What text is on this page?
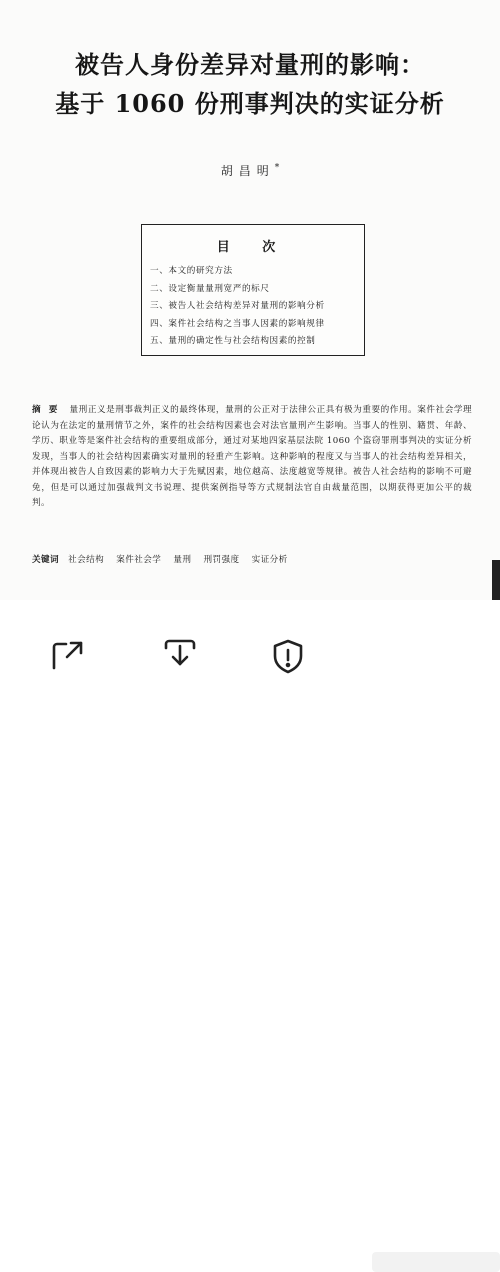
被告人身份差异对量刑的影响：
基于 1060 份刑事判决的实证分析
胡昌明*
目 次
一、本文的研究方法
二、设定衡量量刑宽严的标尺
三、被告人社会结构差异对量刑的影响分析
四、案件社会结构之当事人因素的影响规律
五、量刑的确定性与社会结构因素的控制
摘要 量刑正义是刑事裁判正义的最终体现，量刑的公正对于法律公正具有极为重要的作用。案件社会学理论认为在法定的量刑情节之外，案件的社会结构因素也会对法官量刑产生影响。当事人的性别、籍贯、年龄、学历、职业等是案件社会结构的重要组成部分，通过对某地四家基层法院 1060 个盗窃罪刑事判决的实证分析发现，当事人的社会结构因素确实对量刑的轻重产生影响。这种影响的程度又与当事人的社会结构差异相关，并体现出被告人自致因素的影响力大于先赋因素，地位越高、法度越宽等规律。被告人社会结构的影响不可避免，但是可以通过加强裁判文书说理、提供案例指导等方式规制法官自由裁量范围，以期获得更加公平的裁判。
关键词 社会结构 案件社会学 量刑 刑罚强度 实证分析
